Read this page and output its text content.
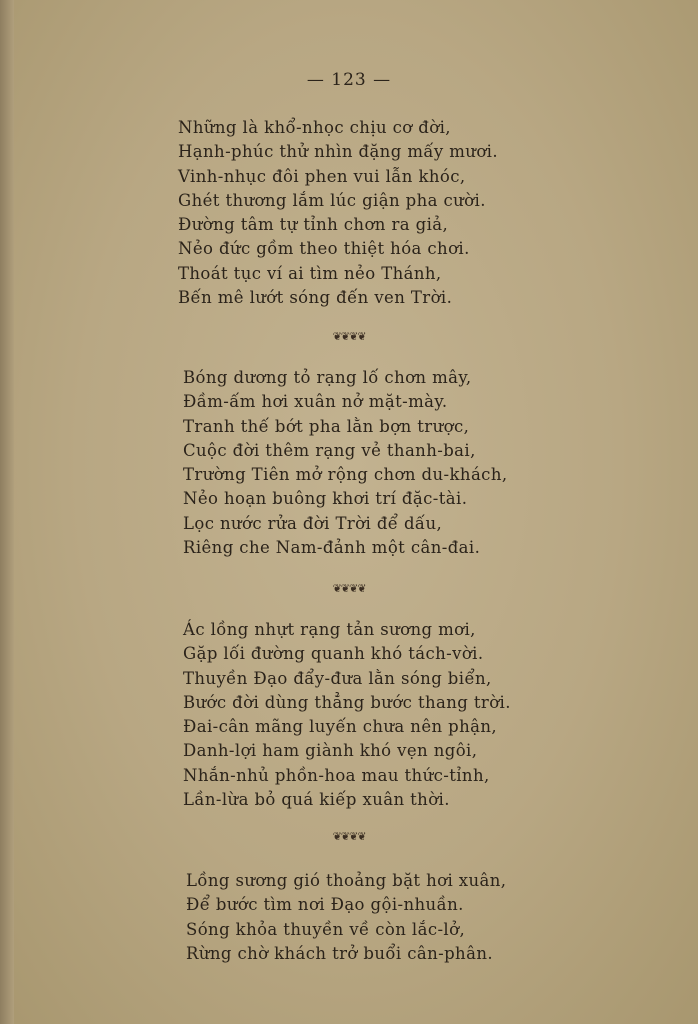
— 123 —
Những là khổ-nhọc chịu cơ đời,
Hạnh-phúc thử nhìn đặng mấy mươi.
Vinh-nhục đôi phen vui lẫn khóc,
Ghét thương lắm lúc giận pha cười.
Đường tâm tự tỉnh chơn ra giả,
Nẻo đức gồm theo thiệt hóa chơi.
Thoát tục ví ai tìm nẻo Thánh,
Bến mê lướt sóng đến ven Trời.
❦❦❦❦
Bóng dương tỏ rạng lố chơn mây,
Đầm-ấm hơi xuân nở mặt-mày.
Tranh thế bớt pha lằn bợn trược,
Cuộc đời thêm rạng vẻ thanh-bai,
Trường Tiên mở rộng chơn du-khách,
Nẻo hoạn buông khơi trí đặc-tài.
Lọc nước rửa đời Trời để dấu,
Riêng che Nam-đảnh một cân-đai.
❦❦❦❦
Ác lồng nhựt rạng tản sương mơi,
Gặp lối đường quanh khó tách-vời.
Thuyền Đạo đẩy-đưa lằn sóng biển,
Bước đời dùng thẳng bước thang trời.
Đai-cân mãng luyến chưa nên phận,
Danh-lợi ham giành khó vẹn ngôi,
Nhắn-nhủ phồn-hoa mau thức-tỉnh,
Lần-lừa bỏ quá kiếp xuân thời.
❦❦❦❦
Lồng sương gió thoảng bặt hơi xuân,
Để bước tìm nơi Đạo gội-nhuần.
Sóng khỏa thuyền về còn lắc-lở,
Rừng chờ khách trở buổi cân-phân.
